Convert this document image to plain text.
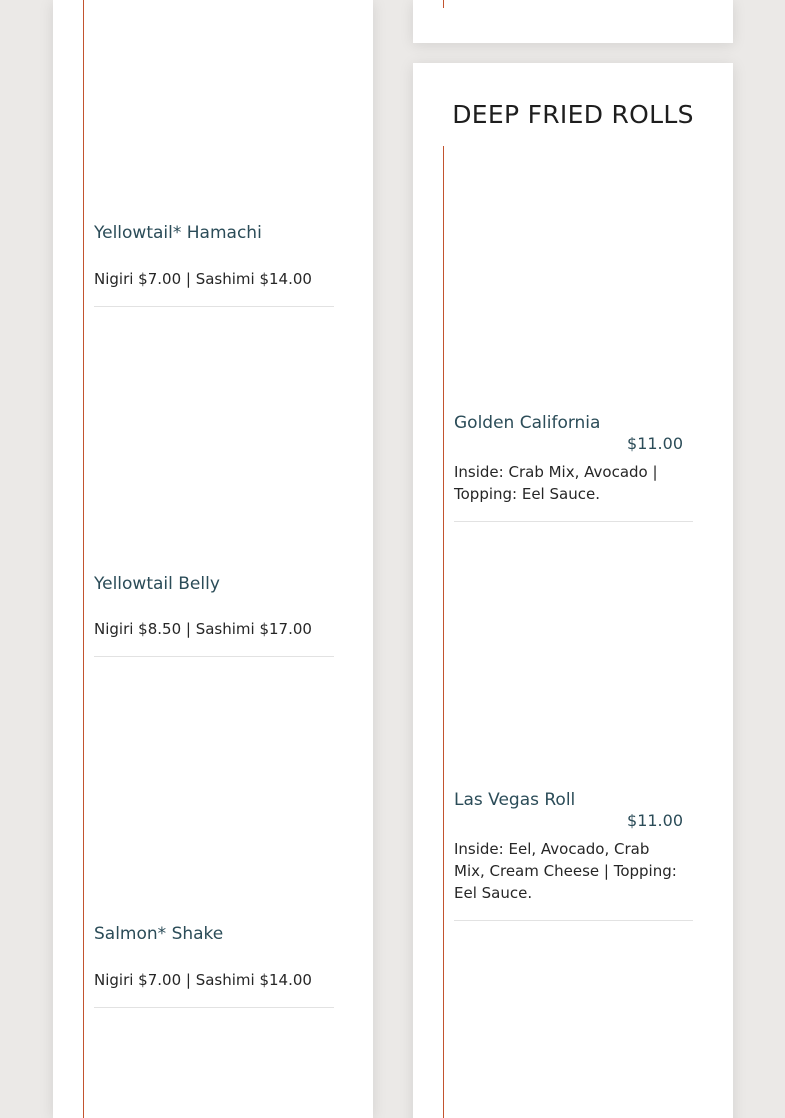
Yellowtail* Hamachi
Nigiri $7.00 | Sashimi $14.00
Yellowtail Belly
Nigiri $8.50 | Sashimi $17.00
Salmon* Shake
Nigiri $7.00 | Sashimi $14.00
DEEP FRIED ROLLS
Golden California
$11.00
Inside: Crab Mix, Avocado | Topping: Eel Sauce.
Las Vegas Roll
$11.00
Inside: Eel, Avocado, Crab Mix, Cream Cheese | Topping: Eel Sauce.
